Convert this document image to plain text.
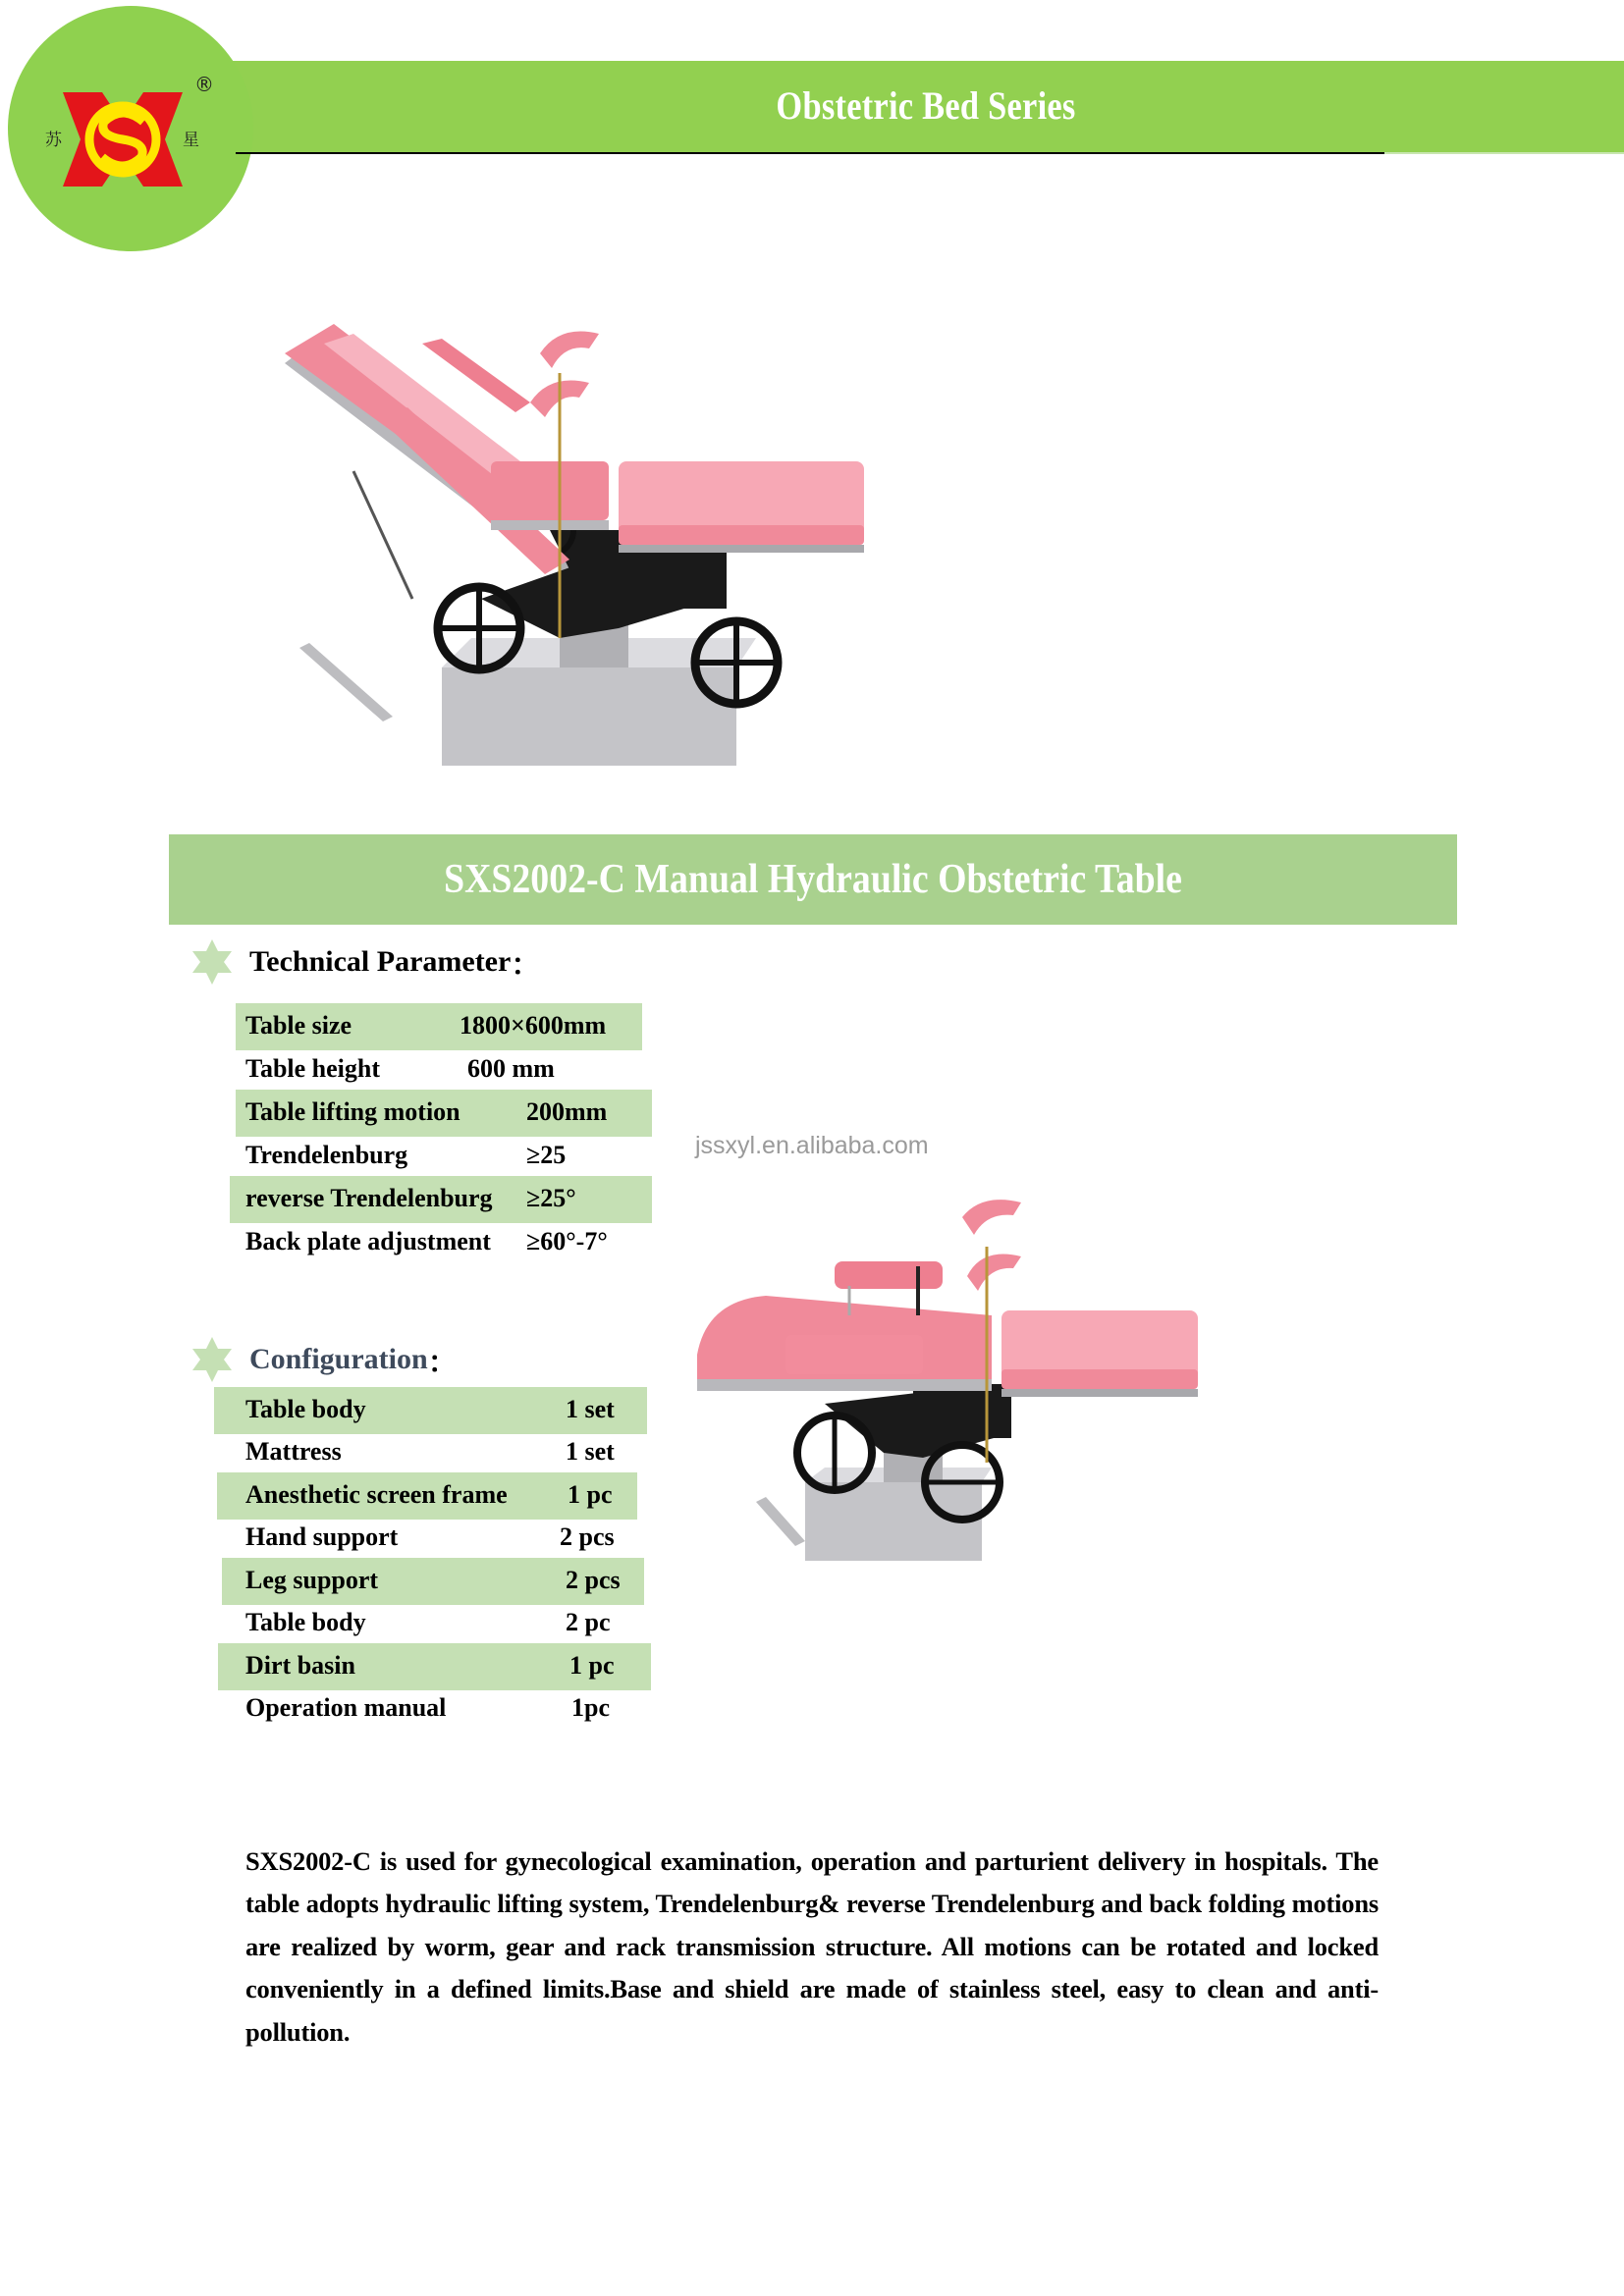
苏	星
®	Obstetric Bed Series
jssxyl.en.alibaba.com
SXS2002-C Manual Hydraulic Obstetric Table
Technical Parameter ：
Table size	1800×600mm
Table height	600 mm
Table lifting motion	200mm
Trendelenburg	≥25
reverse Trendelenburg ≥25°
Back plate adjustment ≥60°-7°
Configuration ：
Table body	1 set
Mattress	1 set
Anesthetic screen frame 1 pc
Hand support	2 pcs
Leg support	2 pcs
Table body	2 pc
Dirt basin	1 pc
Operation manual	1pc

SXS2002-C is used for gynecological examination, operation and parturient delivery in hospitals. The table adopts hydraulic lifting system, Trendelenburg& reverse Trendelenburg and back folding motions are realized by worm, gear and rack transmission structure. All motions can be rotated and locked conveniently in a defined limits.Base and shield are made of stainless steel, easy to clean and anti-pollution.
